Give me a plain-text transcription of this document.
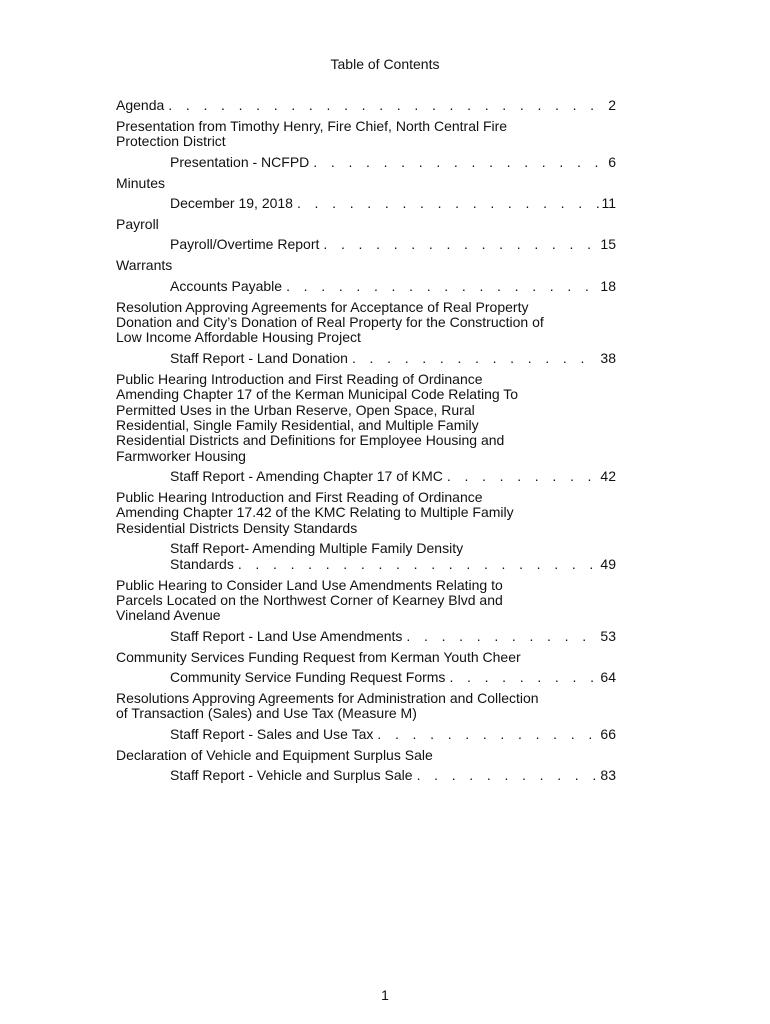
Table of Contents
Agenda . . .	2
Presentation from Timothy Henry, Fire Chief, North Central Fire Protection District
Presentation - NCFPD . . .	6
Minutes
December 19, 2018 . . .	11
Payroll
Payroll/Overtime Report . . .	15
Warrants
Accounts Payable . . .	18
Resolution Approving Agreements for Acceptance of Real Property Donation and City’s Donation of Real Property for the Construction of Low Income Affordable Housing Project
Staff Report - Land Donation . . .	38
Public Hearing Introduction and First Reading of Ordinance Amending Chapter 17 of the Kerman Municipal Code Relating To Permitted Uses in the Urban Reserve, Open Space, Rural Residential, Single Family Residential, and Multiple Family Residential Districts and Definitions for Employee Housing and Farmworker Housing
Staff Report - Amending Chapter 17 of KMC . . .	42
Public Hearing Introduction and First Reading of Ordinance Amending Chapter 17.42 of the KMC Relating to Multiple Family Residential Districts Density Standards
Staff Report- Amending Multiple Family Density
Standards . . .	49
Public Hearing to Consider Land Use Amendments Relating to Parcels Located on the Northwest Corner of Kearney Blvd and Vineland Avenue
Staff Report - Land Use Amendments . . .	53
Community Services Funding Request from Kerman Youth Cheer
Community Service Funding Request Forms . . .	64
Resolutions Approving Agreements for Administration and Collection of Transaction (Sales) and Use Tax (Measure M)
Staff Report - Sales and Use Tax . . .	66
Declaration of Vehicle and Equipment Surplus Sale
Staff Report - Vehicle and Surplus Sale . . .	83
1
